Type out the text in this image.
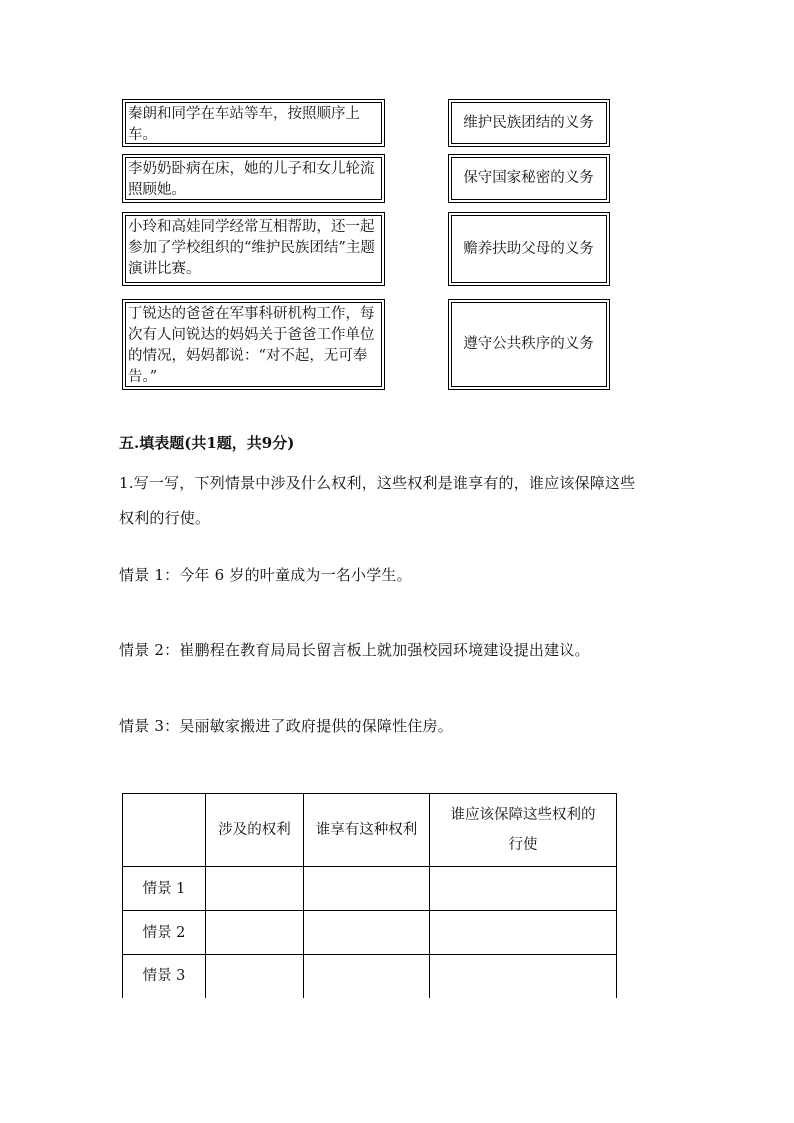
秦朗和同学在车站等车，按照顺序上车。
李奶奶卧病在床，她的儿子和女儿轮流照顾她。
小玲和高娃同学经常互相帮助，还一起参加了学校组织的“维护民族团结”主题演讲比赛。
丁锐达的爸爸在军事科研机构工作，每次有人问锐达的妈妈关于爸爸工作单位的情况，妈妈都说：“对不起，无可奉告。”
维护民族团结的义务
保守国家秘密的义务
赡养扶助父母的义务
遵守公共秩序的义务
五.填表题(共1题，共9分)
1.写一写，下列情景中涉及什么权利，这些权利是谁享有的，谁应该保障这些
权利的行使。
情景 1：今年 6 岁的叶童成为一名小学生。
情景 2：崔鹏程在教育局局长留言板上就加强校园环境建设提出建议。
情景 3：吴丽敏家搬进了政府提供的保障性住房。
	涉及的权利	谁享有这种权利	谁应该保障这些权利的行使
情景 1			
情景 2			
情景 3			
